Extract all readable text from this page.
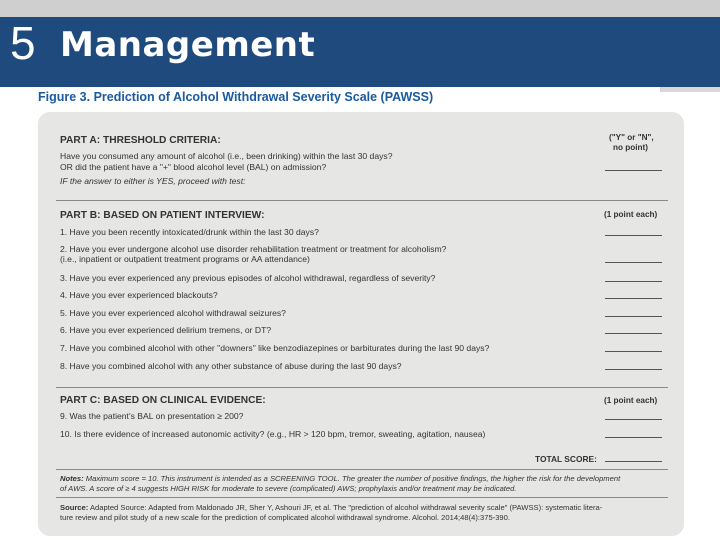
5 Management
Figure 3. Prediction of Alcohol Withdrawal Severity Scale (PAWSS)
PART A: THRESHOLD CRITERIA:	("Y" or "N",
no point)
Have you consumed any amount of alcohol (i.e., been drinking) within the last 30 days?
OR did the patient have a "+" blood alcohol level (BAL) on admission?
IF the answer to either is YES, proceed with test:
PART B: BASED ON PATIENT INTERVIEW:	(1 point each)
1. Have you been recently intoxicated/drunk within the last 30 days?
2. Have you ever undergone alcohol use disorder rehabilitation treatment or treatment for alcoholism?
(i.e., inpatient or outpatient treatment programs or AA attendance)
3. Have you ever experienced any previous episodes of alcohol withdrawal, regardless of severity?
4. Have you ever experienced blackouts?
5. Have you ever experienced alcohol withdrawal seizures?
6. Have you ever experienced delirium tremens, or DT?
7. Have you combined alcohol with other "downers" like benzodiazepines or barbiturates during the last 90 days?
8. Have you combined alcohol with any other substance of abuse during the last 90 days?
PART C: BASED ON CLINICAL EVIDENCE:	(1 point each)
9. Was the patient's BAL on presentation ≥ 200?
10. Is there evidence of increased autonomic activity? (e.g., HR > 120 bpm, tremor, sweating, agitation, nausea)
TOTAL SCORE:
Notes: Maximum score = 10. This instrument is intended as a SCREENING TOOL. The greater the number of positive findings, the higher the risk for the development
of AWS. A score of ≥ 4 suggests HIGH RISK for moderate to severe (complicated) AWS; prophylaxis and/or treatment may be indicated.
Source: Adapted Source: Adapted from Maldonado JR, Sher Y, Ashouri JF, et al. The "prediction of alcohol withdrawal severity scale" (PAWSS): systematic litera-
ture review and pilot study of a new scale for the prediction of complicated alcohol withdrawal syndrome. Alcohol. 2014;48(4):375-390.
